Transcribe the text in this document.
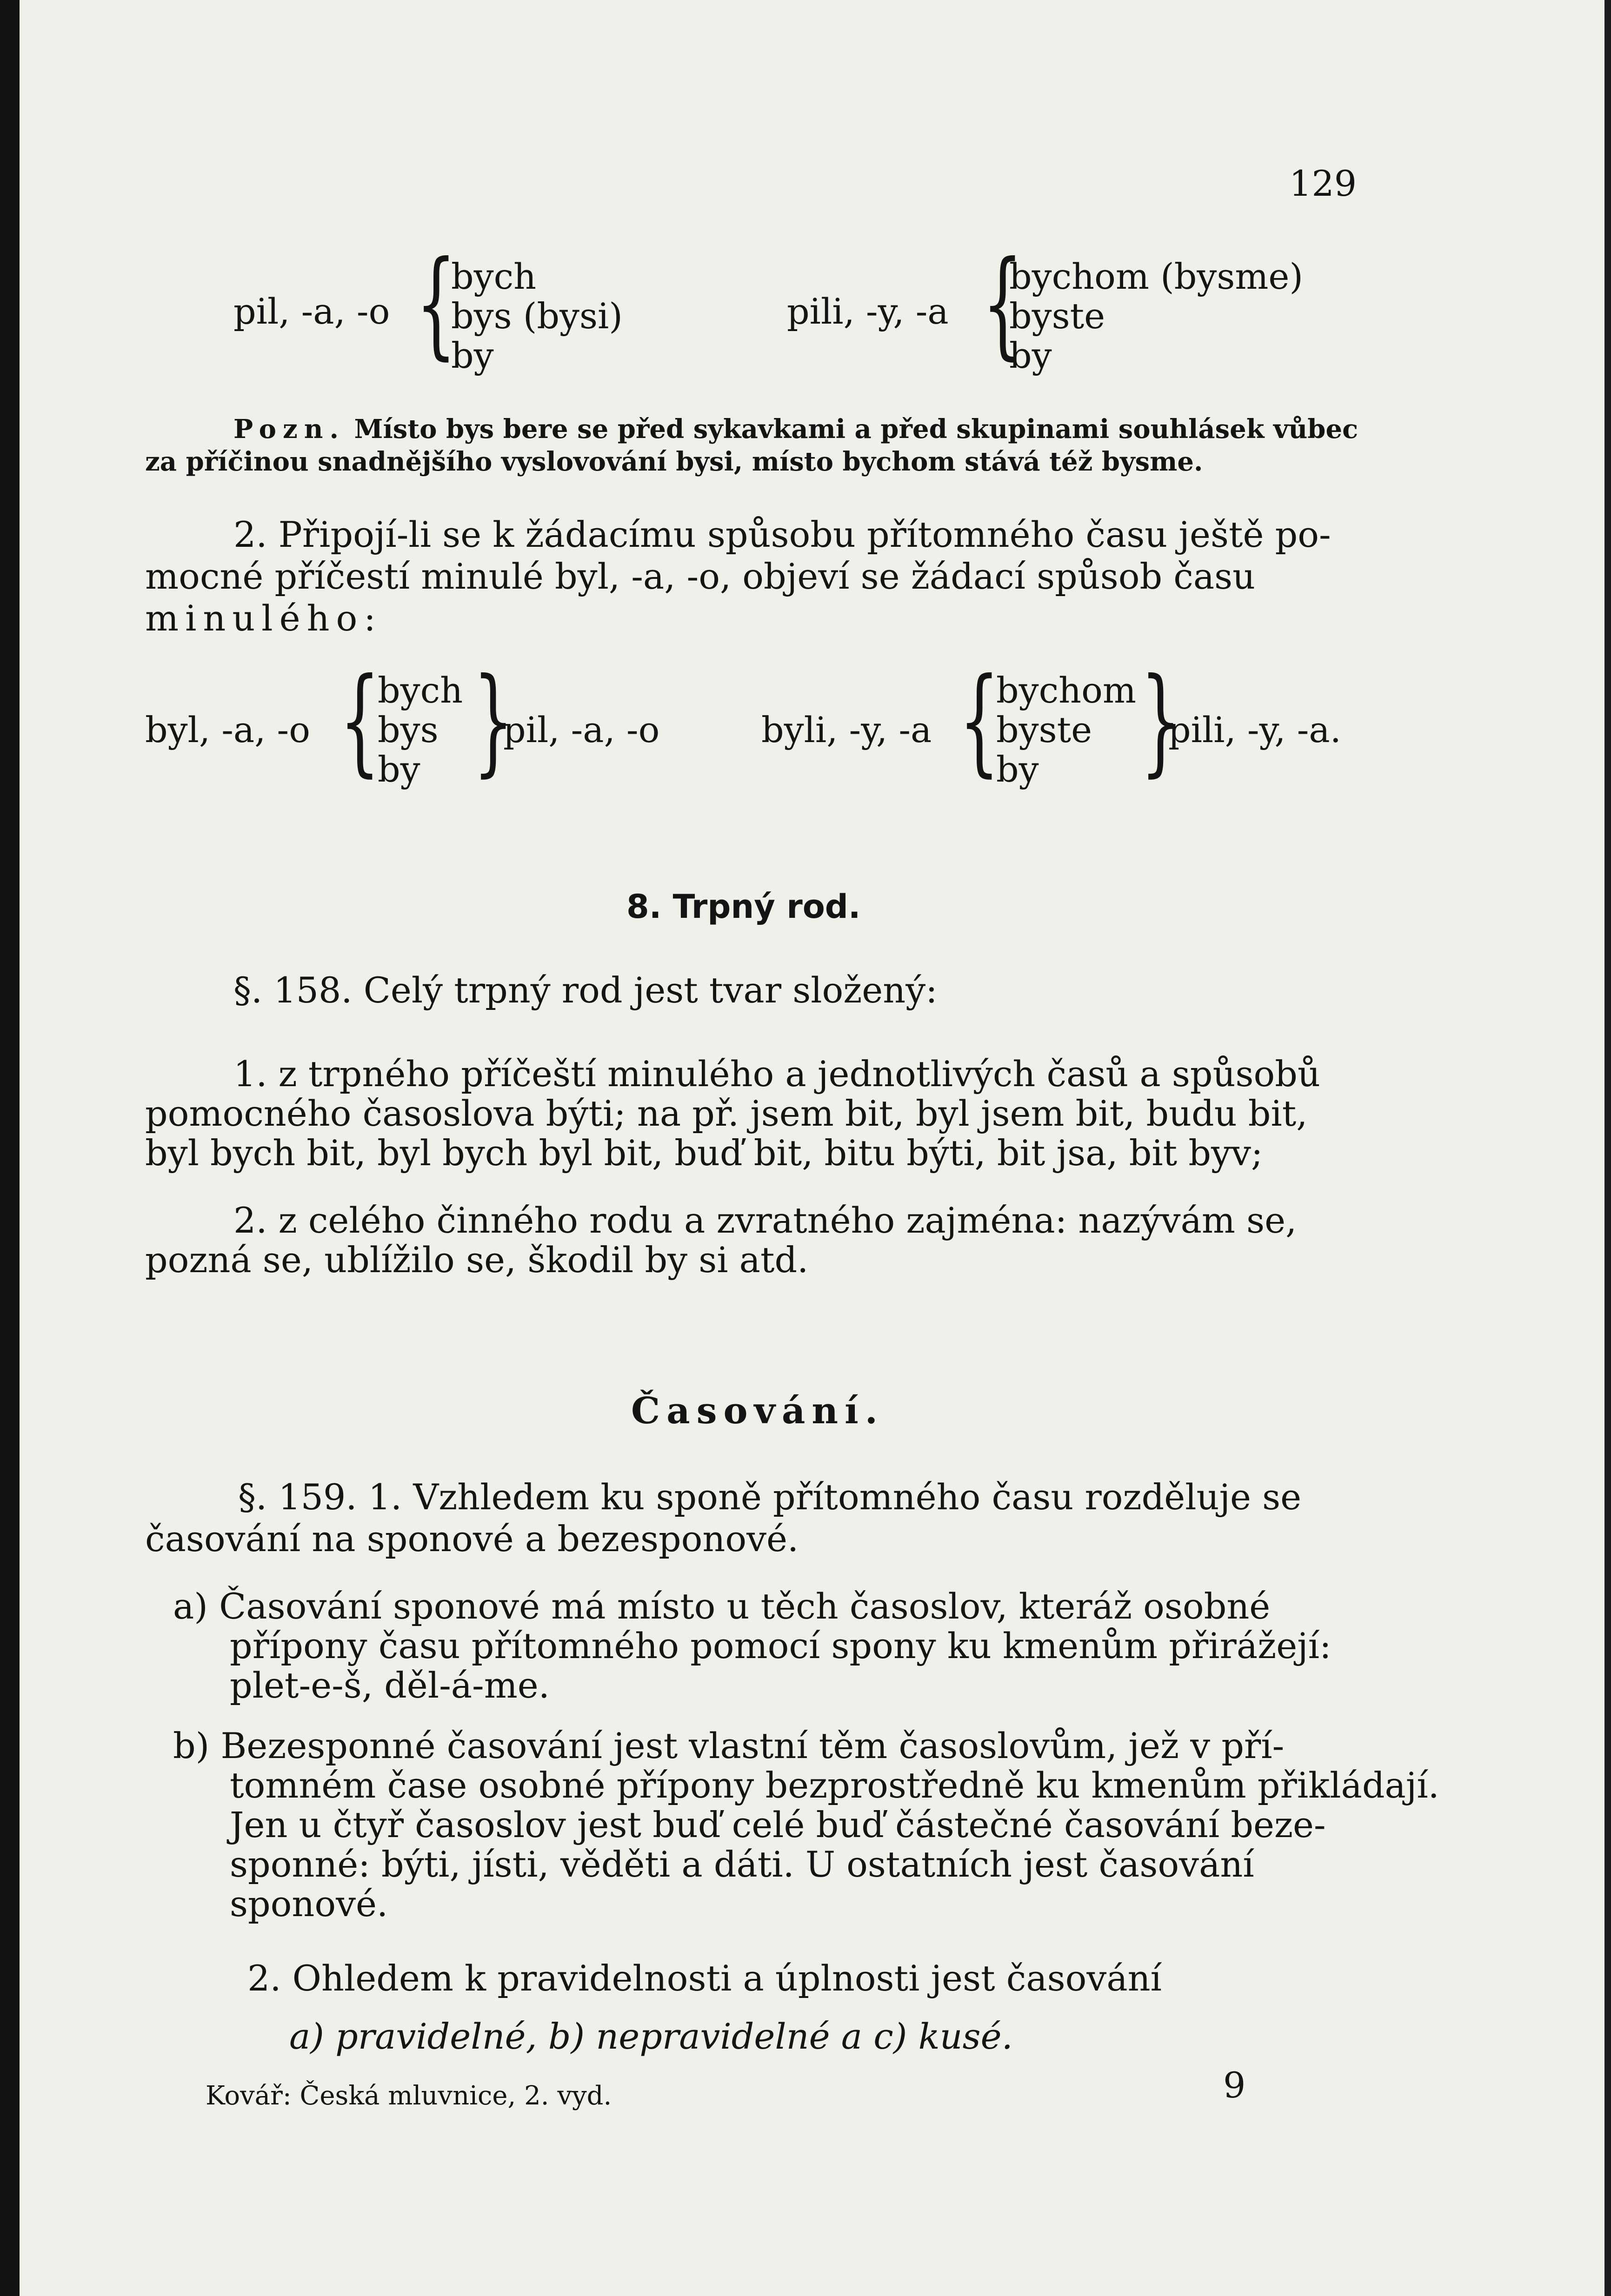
129
pil, -a, -o {
bych
bys (bysi)
by
pili, -y, -a {
bychom (bysme)
byste
by
Pozn. Místo bys bere se před sykavkami a před skupinami souhlásek vůbec
za příčinou snadnějšího vyslovování bysi, místo bychom stává též bysme.
2. Připojí-li se k žádacímu spůsobu přítomného času ještě po-
mocné příčestí minulé byl, -a, -o, objeví se žádací spůsob času
minulého:
byl, -a, -o {
bych
bys
by }
pil, -a, -o	byli, -y, -a {
bychom
byste
by }
pili, -y, -a.
8. Trpný rod.
§. 158. Celý trpný rod jest tvar složený:
1. z trpného příčeští minulého a jednotlivých časů a spůsobů
pomocného časoslova býti; na př. jsem bit, byl jsem bit, budu bit,
byl bych bit, byl bych byl bit, buď bit, bitu býti, bit jsa, bit byv;
2. z celého činného rodu a zvratného zajména: nazývám se,
pozná se, ublížilo se, škodil by si atd.
Časování.
§. 159. 1. Vzhledem ku sponě přítomného času rozděluje se
časování na sponové a bezesponové.
a) Časování sponové má místo u těch časoslov, kteráž osobné
přípony času přítomného pomocí spony ku kmenům přirážejí:
plet-e-š, děl-á-me.
b) Bezesponné časování jest vlastní těm časoslovům, jež v pří-
tomném čase osobné přípony bezprostředně ku kmenům přikládají.
Jen u čtyř časoslov jest buď celé buď částečné časování beze-
sponné: býti, jísti, věděti a dáti. U ostatních jest časování
sponové.
2. Ohledem k pravidelnosti a úplnosti jest časování
a) pravidelné, b) nepravidelné a c) kusé.
Kovář: Česká mluvnice, 2. vyd.	9
